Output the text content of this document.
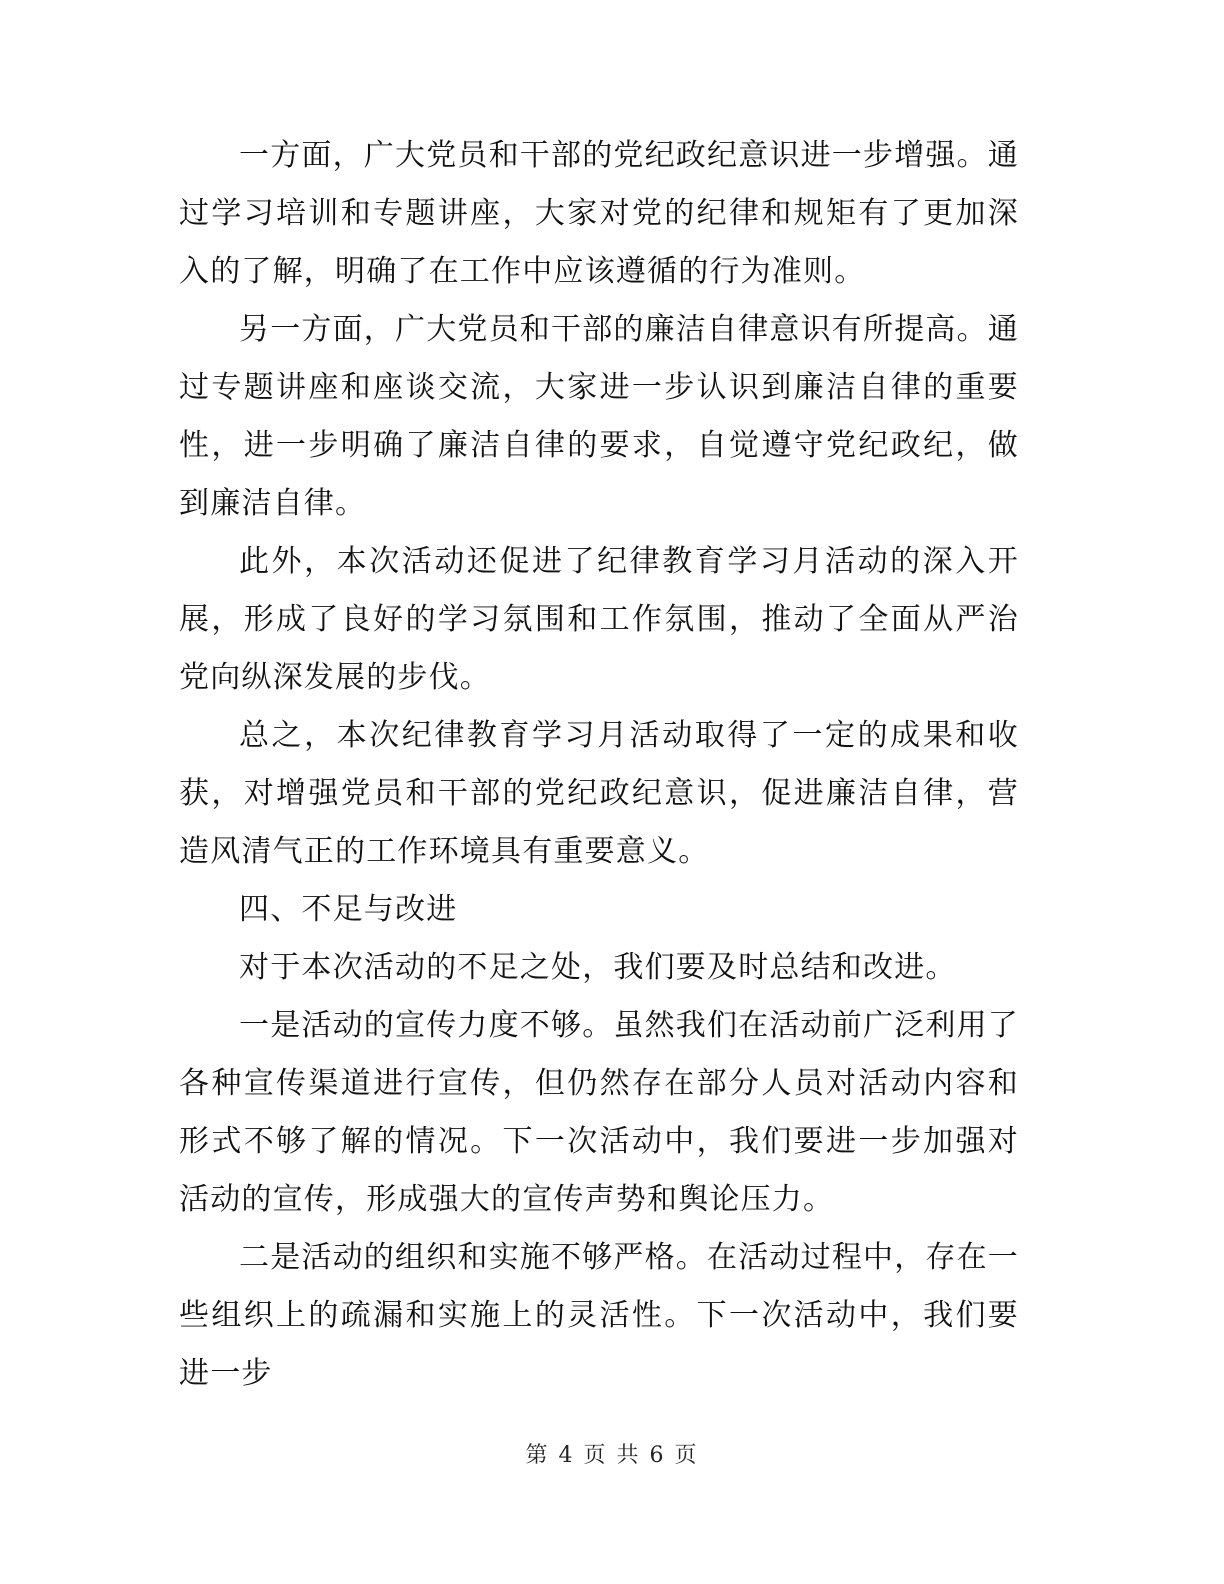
一方面，广大党员和干部的党纪政纪意识进一步增强。通过学习培训和专题讲座，大家对党的纪律和规矩有了更加深入的了解，明确了在工作中应该遵循的行为准则。

另一方面，广大党员和干部的廉洁自律意识有所提高。通过专题讲座和座谈交流，大家进一步认识到廉洁自律的重要性，进一步明确了廉洁自律的要求，自觉遵守党纪政纪，做到廉洁自律。

此外，本次活动还促进了纪律教育学习月活动的深入开展，形成了良好的学习氛围和工作氛围，推动了全面从严治党向纵深发展的步伐。

总之，本次纪律教育学习月活动取得了一定的成果和收获，对增强党员和干部的党纪政纪意识，促进廉洁自律，营造风清气正的工作环境具有重要意义。

四、不足与改进

对于本次活动的不足之处，我们要及时总结和改进。

一是活动的宣传力度不够。虽然我们在活动前广泛利用了各种宣传渠道进行宣传，但仍然存在部分人员对活动内容和形式不够了解的情况。下一次活动中，我们要进一步加强对活动的宣传，形成强大的宣传声势和舆论压力。

二是活动的组织和实施不够严格。在活动过程中，存在一些组织上的疏漏和实施上的灵活性。下一次活动中，我们要进一步

第 4 页 共 6 页
